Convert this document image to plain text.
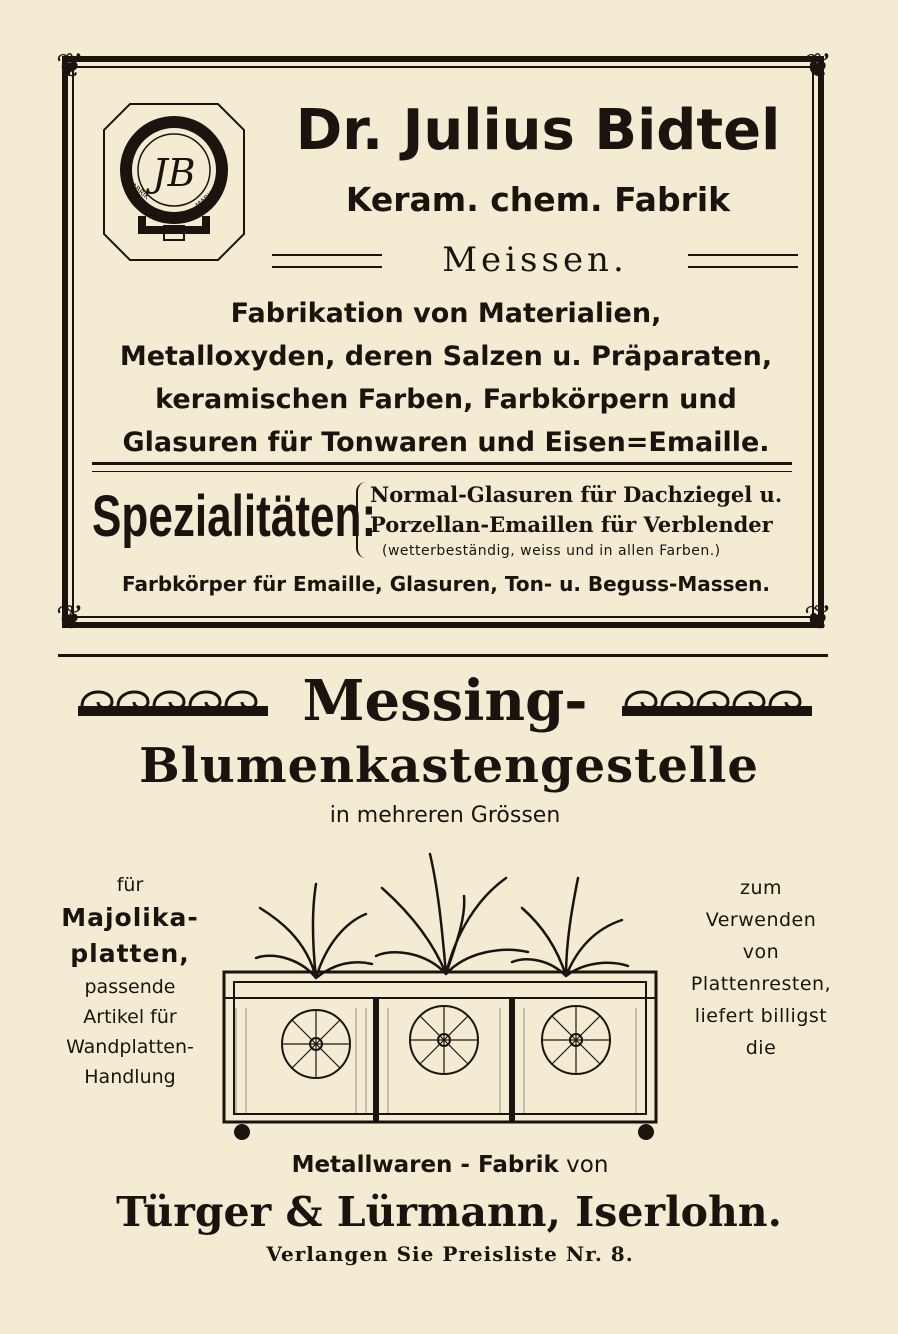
❦	❦
❦	❦
JB
FABRIK	MARKE
Dr. Julius Bidtel
Keram. chem. Fabrik
Meissen.
Fabrikation von Materialien,
Metalloxyden, deren Salzen u. Präparaten,
keramischen Farben, Farbkörpern und
Glasuren für Tonwaren und Eisen=Emaille.
Spezialitäten:
Normal-Glasuren für Dachziegel u.
Porzellan-Emaillen für Verblender
(wetterbeständig, weiss und in allen Farben.)
Farbkörper für Emaille, Glasuren, Ton- u. Beguss-Massen.
Messing-
Blumenkastengestelle
in mehreren Grössen
für
Majolika-
platten,
passende
Artikel für
Wandplatten-
Handlung
zum
Verwenden
von
Plattenresten,
liefert billigst
die
Metallwaren - Fabrik von
Türger & Lürmann, Iserlohn.
Verlangen Sie Preisliste Nr. 8.
